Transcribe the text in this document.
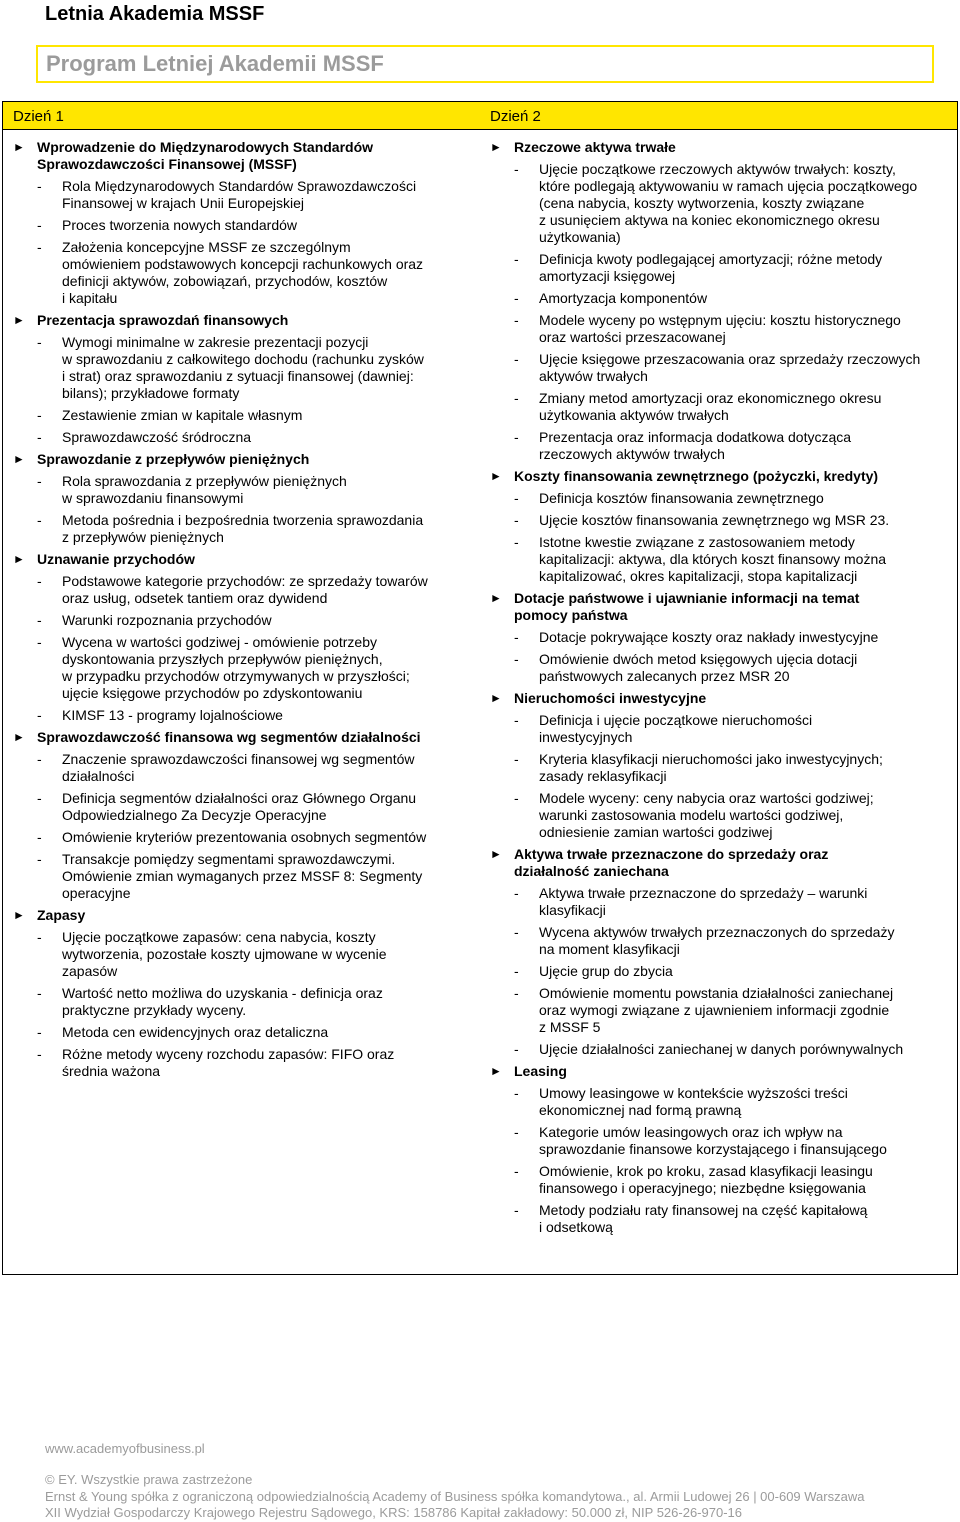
Letnia Akademia MSSF
Program Letniej Akademii MSSF
Dzień 1	Dzień 2
► Wprowadzenie do Międzynarodowych Standardów
Sprawozdawczości Finansowej (MSSF)
-	Rola Międzynarodowych Standardów Sprawozdawczości
Finansowej w krajach Unii Europejskiej
-	Proces tworzenia nowych standardów
-	Założenia koncepcyjne MSSF ze szczególnym
omówieniem podstawowych koncepcji rachunkowych oraz
definicji aktywów, zobowiązań, przychodów, kosztów
i kapitału
► Prezentacja sprawozdań finansowych
-	Wymogi minimalne w zakresie prezentacji pozycji
w sprawozdaniu z całkowitego dochodu (rachunku zysków
i strat) oraz sprawozdaniu z sytuacji finansowej (dawniej:
bilans); przykładowe formaty
-	Zestawienie zmian w kapitale własnym
-	Sprawozdawczość śródroczna
► Sprawozdanie z przepływów pieniężnych
-	Rola sprawozdania z przepływów pieniężnych
w sprawozdaniu finansowymi
-	Metoda pośrednia i bezpośrednia tworzenia sprawozdania
z przepływów pieniężnych
► Uznawanie przychodów
-	Podstawowe kategorie przychodów: ze sprzedaży towarów
oraz usług, odsetek tantiem oraz dywidend
-	Warunki rozpoznania przychodów
-	Wycena w wartości godziwej - omówienie potrzeby
dyskontowania przyszłych przepływów pieniężnych,
w przypadku przychodów otrzymywanych w przyszłości;
ujęcie księgowe przychodów po zdyskontowaniu
-	KIMSF 13 - programy lojalnościowe
► Sprawozdawczość finansowa wg segmentów działalności
-	Znaczenie sprawozdawczości finansowej wg segmentów
działalności
-	Definicja segmentów działalności oraz Głównego Organu
Odpowiedzialnego Za Decyzje Operacyjne
-	Omówienie kryteriów prezentowania osobnych segmentów
-	Transakcje pomiędzy segmentami sprawozdawczymi.
Omówienie zmian wymaganych przez MSSF 8: Segmenty
operacyjne
► Zapasy
-	Ujęcie początkowe zapasów: cena nabycia, koszty
wytworzenia, pozostałe koszty ujmowane w wycenie
zapasów
-	Wartość netto możliwa do uzyskania - definicja oraz
praktyczne przykłady wyceny.
-	Metoda cen ewidencyjnych oraz detaliczna
-	Różne metody wyceny rozchodu zapasów: FIFO oraz
średnia ważona
► Rzeczowe aktywa trwałe
-	Ujęcie początkowe rzeczowych aktywów trwałych: koszty,
które podlegają aktywowaniu w ramach ujęcia początkowego
(cena nabycia, koszty wytworzenia, koszty związane
z usunięciem aktywa na koniec ekonomicznego okresu
użytkowania)
-	Definicja kwoty podlegającej amortyzacji; różne metody
amortyzacji księgowej
-	Amortyzacja komponentów
-	Modele wyceny po wstępnym ujęciu: kosztu historycznego
oraz wartości przeszacowanej
-	Ujęcie księgowe przeszacowania oraz sprzedaży rzeczowych
aktywów trwałych
-	Zmiany metod amortyzacji oraz ekonomicznego okresu
użytkowania aktywów trwałych
-	Prezentacja oraz informacja dodatkowa dotycząca
rzeczowych aktywów trwałych
► Koszty finansowania zewnętrznego (pożyczki, kredyty)
-	Definicja kosztów finansowania zewnętrznego
-	Ujęcie kosztów finansowania zewnętrznego wg MSR 23.
-	Istotne kwestie związane z zastosowaniem metody
kapitalizacji: aktywa, dla których koszt finansowy można
kapitalizować, okres kapitalizacji, stopa kapitalizacji
► Dotacje państwowe i ujawnianie informacji na temat
pomocy państwa
-	Dotacje pokrywające koszty oraz nakłady inwestycyjne
-	Omówienie dwóch metod księgowych ujęcia dotacji
państwowych zalecanych przez MSR 20
► Nieruchomości inwestycyjne
-	Definicja i ujęcie początkowe nieruchomości
inwestycyjnych
-	Kryteria klasyfikacji nieruchomości jako inwestycyjnych;
zasady reklasyfikacji
-	Modele wyceny: ceny nabycia oraz wartości godziwej;
warunki zastosowania modelu wartości godziwej,
odniesienie zamian wartości godziwej
► Aktywa trwałe przeznaczone do sprzedaży oraz
działalność zaniechana
-	Aktywa trwałe przeznaczone do sprzedaży – warunki
klasyfikacji
-	Wycena aktywów trwałych przeznaczonych do sprzedaży
na moment klasyfikacji
-	Ujęcie grup do zbycia
-	Omówienie momentu powstania działalności zaniechanej
oraz wymogi związane z ujawnieniem informacji zgodnie
z MSSF 5
-	Ujęcie działalności zaniechanej w danych porównywalnych
► Leasing
-	Umowy leasingowe w kontekście wyższości treści
ekonomicznej nad formą prawną
-	Kategorie umów leasingowych oraz ich wpływ na
sprawozdanie finansowe korzystającego i finansującego
-	Omówienie, krok po kroku, zasad klasyfikacji leasingu
finansowego i operacyjnego; niezbędne księgowania
-	Metody podziału raty finansowej na część kapitałową
i odsetkową
www.academyofbusiness.pl
© EY. Wszystkie prawa zastrzeżone
Ernst & Young spółka z ograniczoną odpowiedzialnością Academy of Business spółka komandytowa., al. Armii Ludowej 26 | 00-609 Warszawa
XII Wydział Gospodarczy Krajowego Rejestru Sądowego, KRS: 158786 Kapitał zakładowy: 50.000 zł, NIP 526-26-970-16
